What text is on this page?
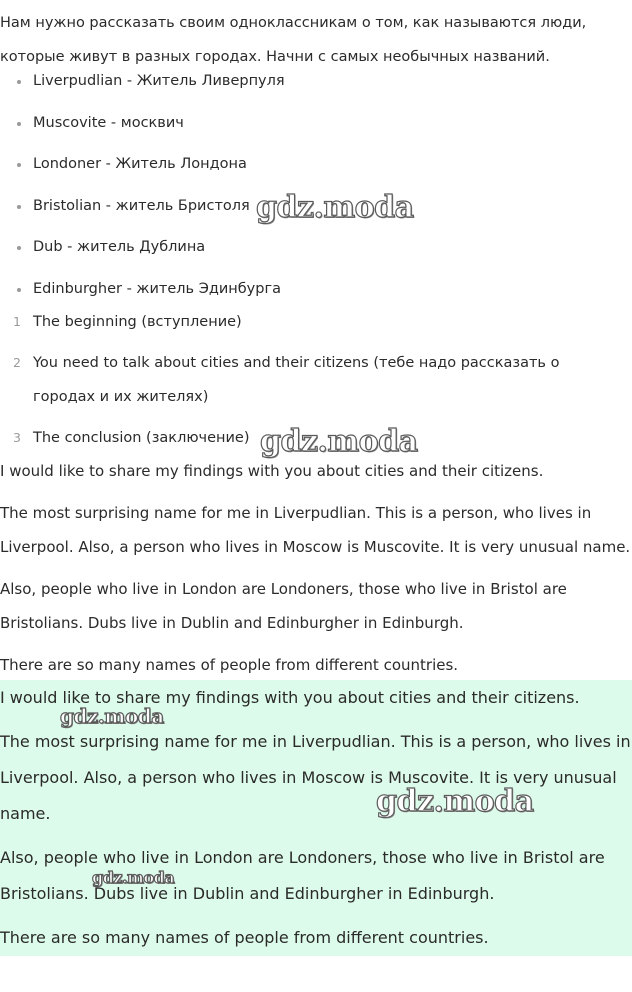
Нам нужно рассказать своим одноклассникам о том, как называются люди, которые живут в разных городах. Начни с самых необычных названий.

Liverpudlian - Житель Ливерпуля
Muscovite - москвич
Londoner - Житель Лондона
Bristolian - житель Бристоля
Dub - житель Дублина
Edinburgher - житель Эдинбурга
1 The beginning (вступление)
2 You need to talk about cities and their citizens (тебе надо рассказать о городах и их жителях)
3 The conclusion (заключение)

I would like to share my findings with you about cities and their citizens.

The most surprising name for me in Liverpudlian. This is a person, who lives in Liverpool. Also, a person who lives in Moscow is Muscovite. It is very unusual name.

Also, people who live in London are Londoners, those who live in Bristol are Bristolians. Dubs live in Dublin and Edinburgher in Edinburgh.

There are so many names of people from different countries.

I would like to share my findings with you about cities and their citizens.

The most surprising name for me in Liverpudlian. This is a person, who lives in Liverpool. Also, a person who lives in Moscow is Muscovite. It is very unusual name.

Also, people who live in London are Londoners, those who live in Bristol are Bristolians. Dubs live in Dublin and Edinburgher in Edinburgh.

There are so many names of people from different countries.

gdz.moda
gdz.moda
gdz.moda
gdz.moda
gdz.moda
